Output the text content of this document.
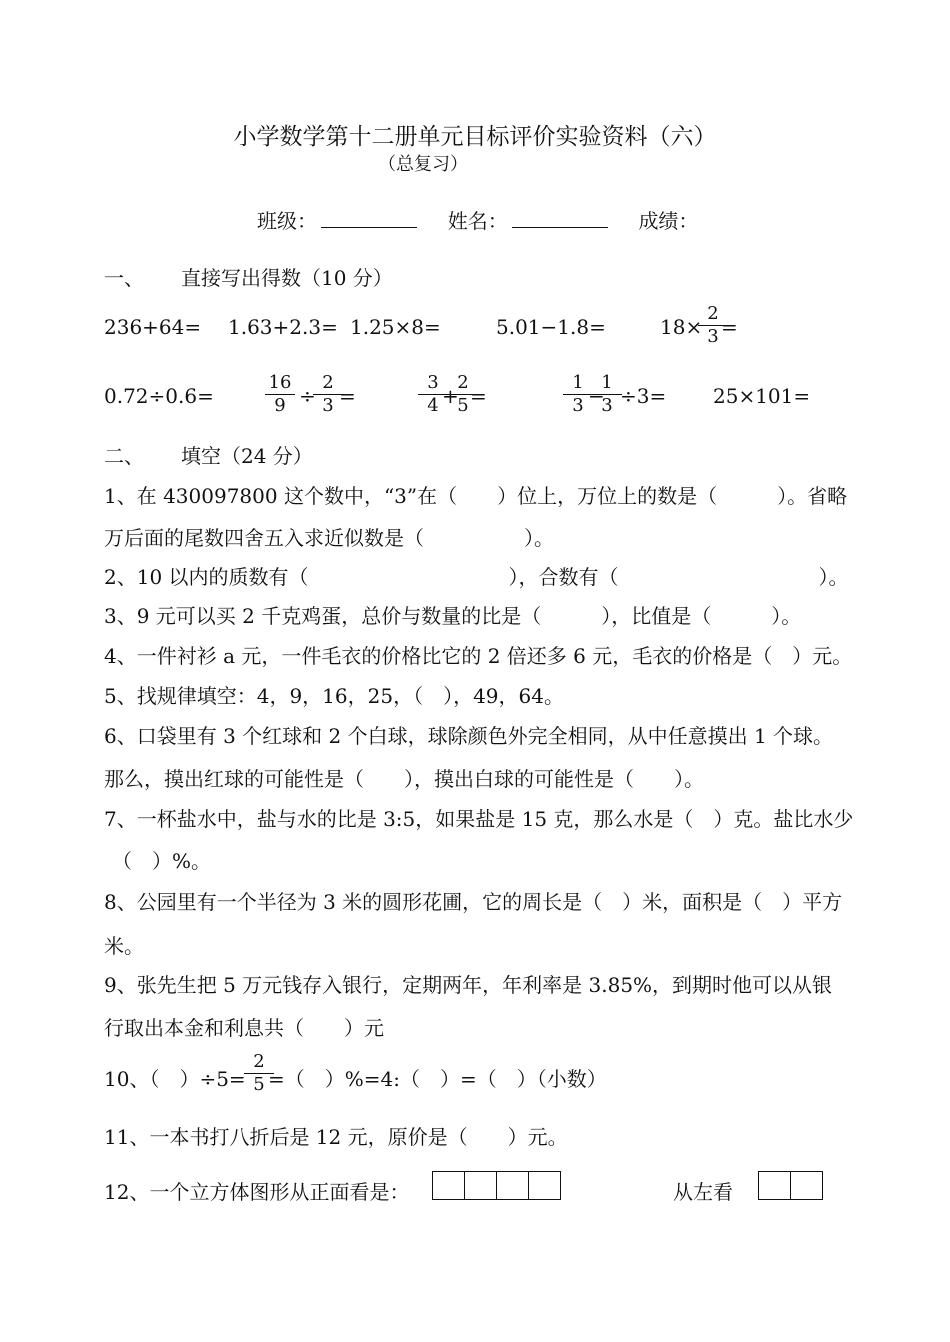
小学数学第十二册单元目标评价实验资料（六）
（总复习）
班级：	姓名：	成绩：
一、 直接写出得数（10 分）
236+64= 1.63+2.3= 1.25×8=	5.01−1.8=	18×
$\frac{2}{3}$
=
0.72÷0.6=	$\frac{16}{9}$ ÷
$\frac{2}{3}$
=	$\frac{3}{4}$
+
$\frac{2}{5}$
=	$\frac{1}{3}$
−
$\frac{1}{3}$
÷3= 25×101=
二、 填空（24 分）
1、在 430097800 这个数中，“3”在（　　）位上，万位上的数是（　　　）。省略
万后面的尾数四舍五入求近似数是（　　　　　）。
2、10 以内的质数有（　　　　　　　　　　），合数有（　　　　　　　　　　）。
3、9 元可以买 2 千克鸡蛋，总价与数量的比是（　　　），比值是（　　　）。
4、一件衬衫 a 元，一件毛衣的价格比它的 2 倍还多 6 元，毛衣的价格是（　）元。
5、找规律填空：4，9，16，25，（　），49，64。
6、口袋里有 3 个红球和 2 个白球，球除颜色外完全相同，从中任意摸出 1 个球。
那么，摸出红球的可能性是（　　），摸出白球的可能性是（　　）。
7、一杯盐水中，盐与水的比是 3:5，如果盐是 15 克，那么水是（　）克。盐比水少
（　）%。
8、公园里有一个半径为 3 米的圆形花圃，它的周长是（　）米，面积是（　）平方
米。
9、张先生把 5 万元钱存入银行，定期两年，年利率是 3.85%，到期时他可以从银
行取出本金和利息共（　　）元
10、（　）÷5=
$\frac{2}{5}$
=（　）%=4:（　）=（　）（小数）
11、一本书打八折后是 12 元，原价是（　　）元。
12、一个立方体图形从正面看是：	从左看
